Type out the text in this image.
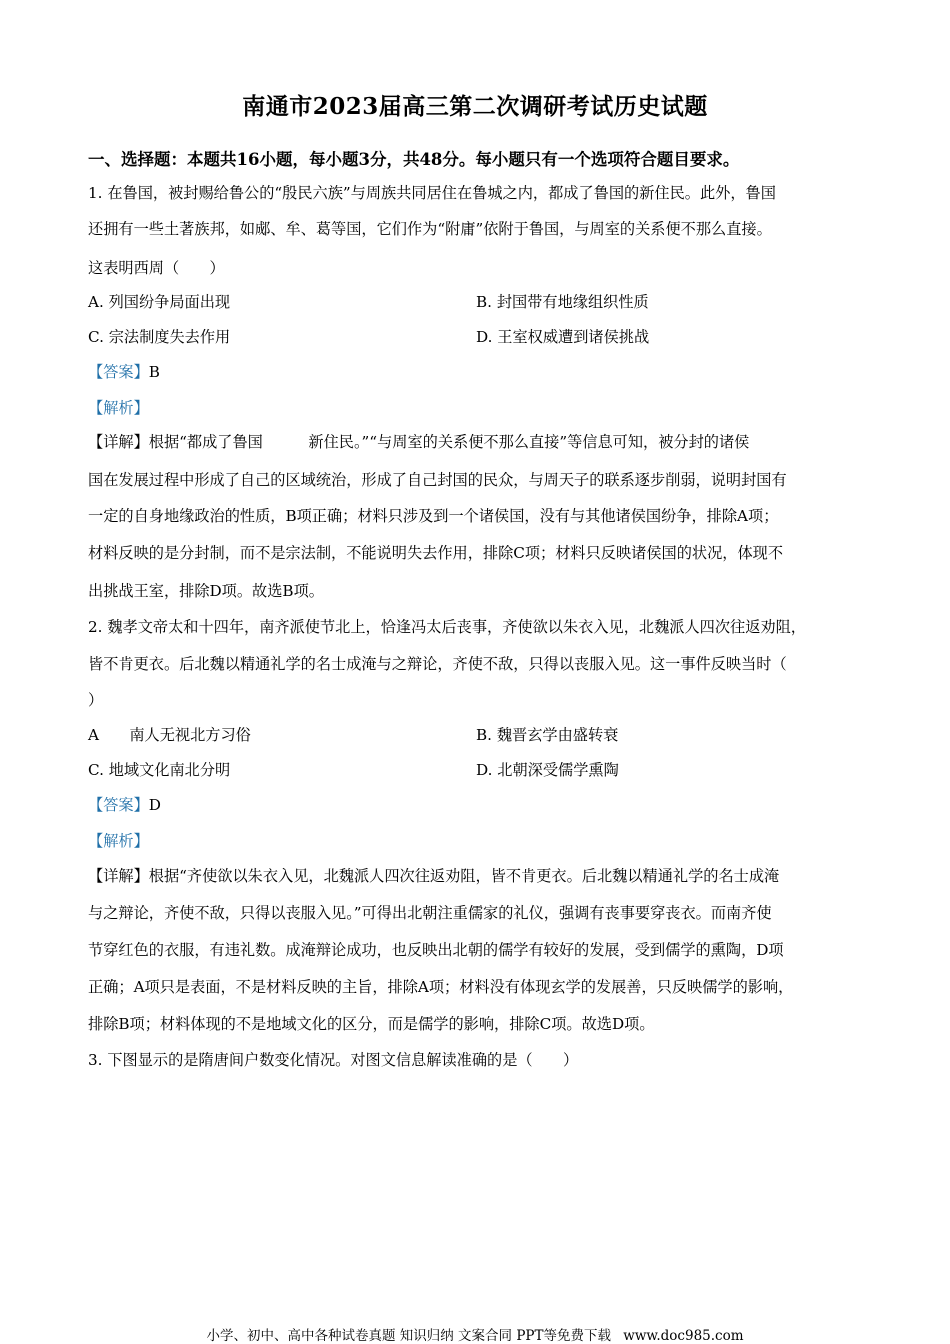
南通市2023届高三第二次调研考试历史试题
一、选择题：本题共16小题，每小题3分，共48分。每小题只有一个选项符合题目要求。
1. 在鲁国，被封赐给鲁公的“殷民六族”与周族共同居住在鲁城之内，都成了鲁国的新住民。此外，鲁国
还拥有一些土著族邦，如郕、牟、葛等国，它们作为“附庸”依附于鲁国，与周室的关系便不那么直接。
这表明西周（　　）
A. 列国纷争局面出现	B. 封国带有地缘组织性质
C. 宗法制度失去作用	D. 王室权威遭到诸侯挑战
【答案】B
【解析】
【详解】根据“都成了鲁国　　　新住民。”“与周室的关系便不那么直接”等信息可知，被分封的诸侯
国在发展过程中形成了自己的区域统治，形成了自己封国的民众，与周天子的联系逐步削弱，说明封国有
一定的自身地缘政治的性质，B项正确；材料只涉及到一个诸侯国，没有与其他诸侯国纷争，排除A项；
材料反映的是分封制，而不是宗法制，不能说明失去作用，排除C项；材料只反映诸侯国的状况，体现不
出挑战王室，排除D项。故选B项。
2. 魏孝文帝太和十四年，南齐派使节北上，恰逢冯太后丧事，齐使欲以朱衣入见，北魏派人四次往返劝阻，
皆不肯更衣。后北魏以精通礼学的名士成淹与之辩论，齐使不敌，只得以丧服入见。这一事件反映当时（
）
A　　南人无视北方习俗	B. 魏晋玄学由盛转衰
C. 地域文化南北分明	D. 北朝深受儒学熏陶
【答案】D
【解析】
【详解】根据“齐使欲以朱衣入见，北魏派人四次往返劝阻，皆不肯更衣。后北魏以精通礼学的名士成淹
与之辩论，齐使不敌，只得以丧服入见。”可得出北朝注重儒家的礼仪，强调有丧事要穿丧衣。而南齐使
节穿红色的衣服，有违礼数。成淹辩论成功，也反映出北朝的儒学有较好的发展，受到儒学的熏陶，D项
正确；A项只是表面，不是材料反映的主旨，排除A项；材料没有体现玄学的发展善，只反映儒学的影响，
排除B项；材料体现的不是地域文化的区分，而是儒学的影响，排除C项。故选D项。
3. 下图显示的是隋唐间户数变化情况。对图文信息解读准确的是（　　）
小学、初中、高中各种试卷真题 知识归纳 文案合同 PPT等免费下载 www.doc985.com
